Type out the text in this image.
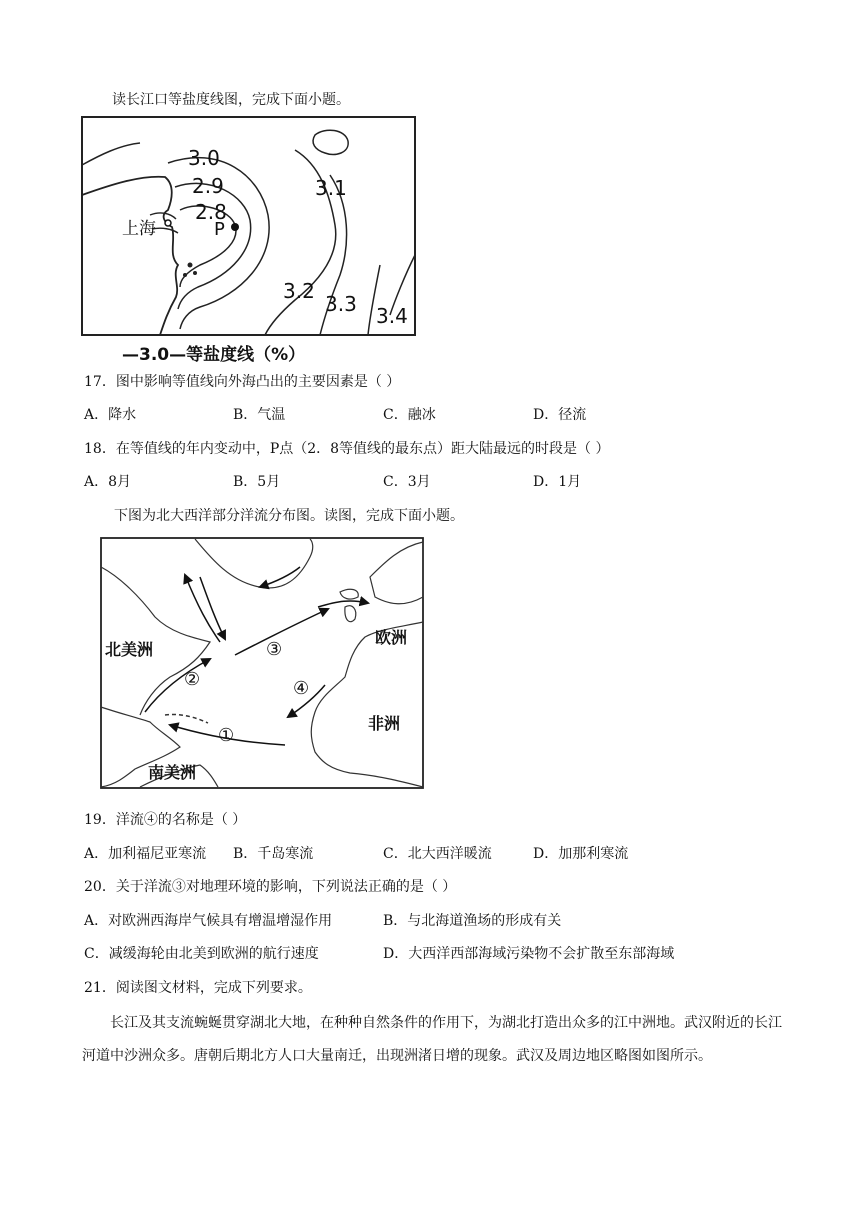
读长江口等盐度线图，完成下面小题。
3.0
2.9
2.8
3.1
3.2
3.3 3.4
上海	P
—3.0—等盐度线（%）
17．图中影响等值线向外海凸出的主要因素是（ ）
A．降水	B．气温	C．融冰	D．径流
18．在等值线的年内变动中，P点（2．8等值线的最东点）距大陆最远的时段是（ ）
A．8月	B．5月	C．3月	D．1月
下图为北大西洋部分洋流分布图。读图，完成下面小题。
北美洲
欧洲
非洲
南美洲
①
②
③
④
19．洋流④的名称是（ ）
A．加利福尼亚寒流 B．千岛寒流	C．北大西洋暖流	D．加那利寒流
20．关于洋流③对地理环境的影响，下列说法正确的是（ ）
A．对欧洲西海岸气候具有增温增湿作用	B．与北海道渔场的形成有关
C．减缓海轮由北美到欧洲的航行速度	D．大西洋西部海域污染物不会扩散至东部海域
21．阅读图文材料，完成下列要求。
长江及其支流蜿蜒贯穿湖北大地，在种种自然条件的作用下，为湖北打造出众多的江中洲地。武汉附近的长江河道中沙洲众多。唐朝后期北方人口大量南迁，出现洲渚日增的现象。武汉及周边地区略图如图所示。
